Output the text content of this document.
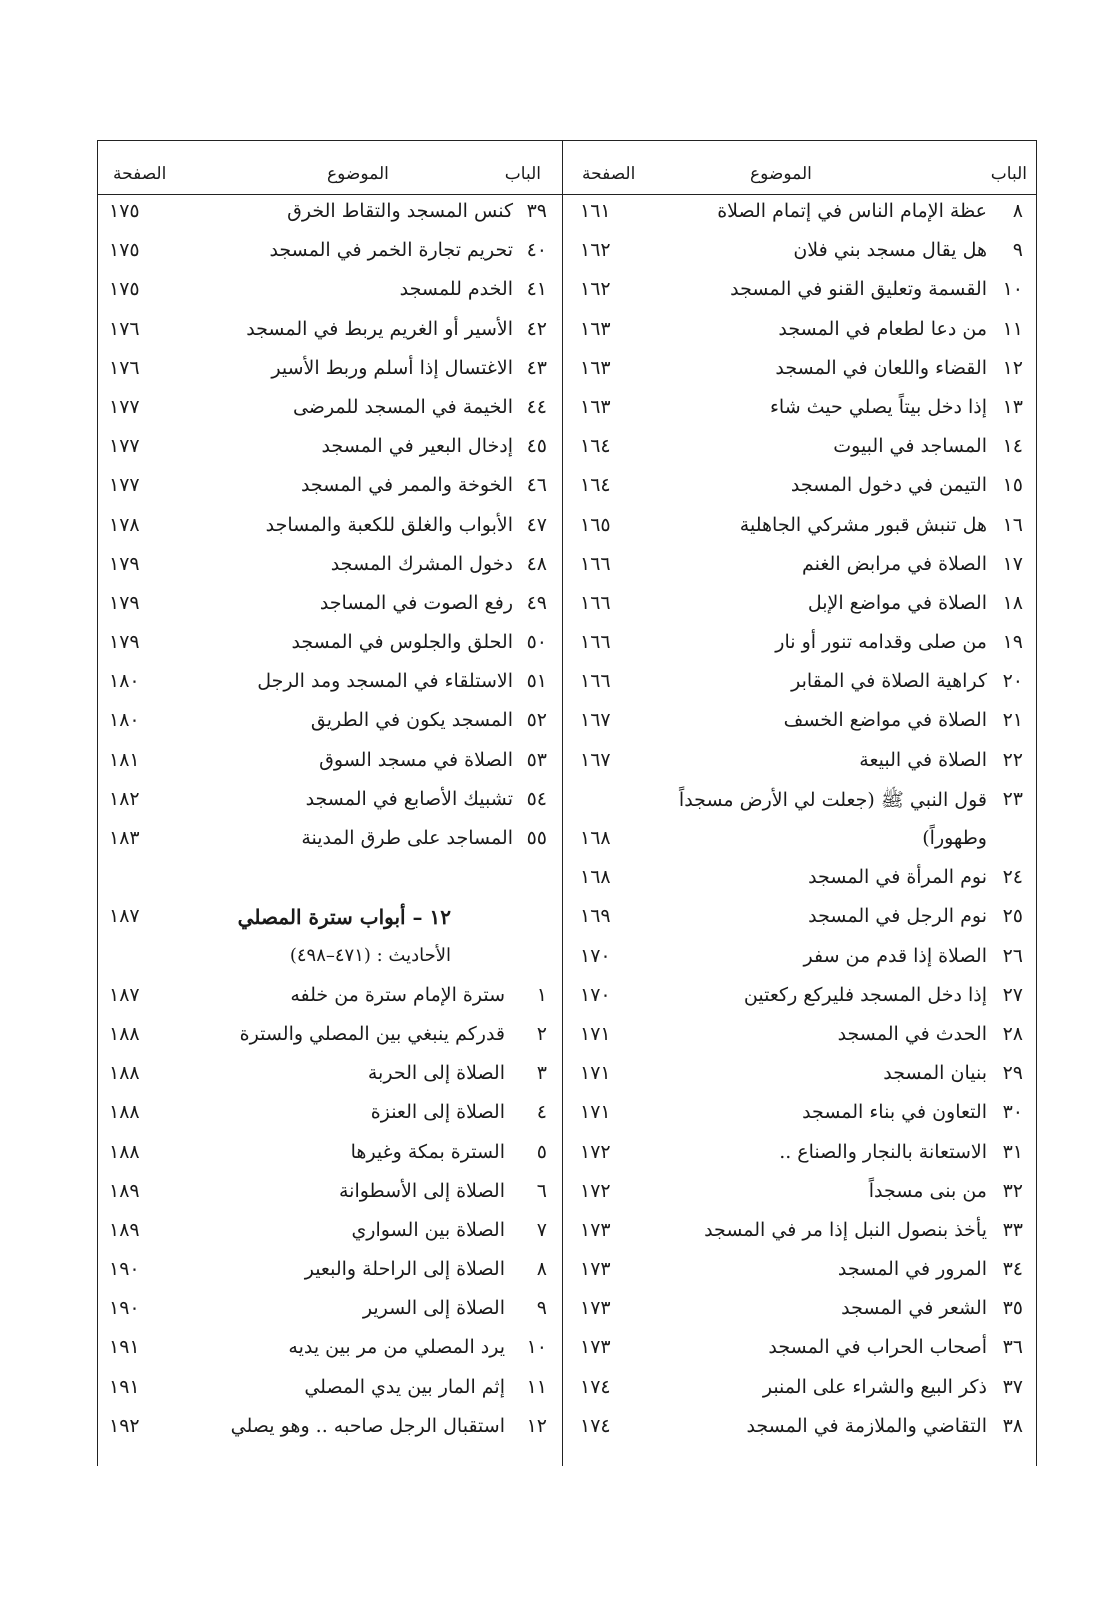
الباب
الموضوع
الصفحة
٨
عظة الإمام الناس في إتمام الصلاة
١٦١
٩
هل يقال مسجد بني فلان
١٦٢
١٠
القسمة وتعليق القنو في المسجد
١٦٢
١١
من دعا لطعام في المسجد
١٦٣
١٢
القضاء واللعان في المسجد
١٦٣
١٣
إذا دخل بيتاً يصلي حيث شاء
١٦٣
١٤
المساجد في البيوت
١٦٤
١٥
التيمن في دخول المسجد
١٦٤
١٦
هل تنبش قبور مشركي الجاهلية
١٦٥
١٧
الصلاة في مرابض الغنم
١٦٦
١٨
الصلاة في مواضع الإبل
١٦٦
١٩
من صلى وقدامه تنور أو نار
١٦٦
٢٠
كراهية الصلاة في المقابر
١٦٦
٢١
الصلاة في مواضع الخسف
١٦٧
٢٢
الصلاة في البيعة
١٦٧
٢٣
قول النبي ﷺ (جعلت لي الأرض مسجداً
وطهوراً)
١٦٨
٢٤
نوم المرأة في المسجد
١٦٨
٢٥
نوم الرجل في المسجد
١٦٩
٢٦
الصلاة إذا قدم من سفر
١٧٠
٢٧
إذا دخل المسجد فليركع ركعتين
١٧٠
٢٨
الحدث في المسجد
١٧١
٢٩
بنيان المسجد
١٧١
٣٠
التعاون في بناء المسجد
١٧١
٣١
الاستعانة بالنجار والصناع ..
١٧٢
٣٢
من بنى مسجداً
١٧٢
٣٣
يأخذ بنصول النبل إذا مر في المسجد
١٧٣
٣٤
المرور في المسجد
١٧٣
٣٥
الشعر في المسجد
١٧٣
٣٦
أصحاب الحراب في المسجد
١٧٣
٣٧
ذكر البيع والشراء على المنبر
١٧٤
٣٨
التقاضي والملازمة في المسجد
١٧٤
الباب
الموضوع
الصفحة
٣٩
كنس المسجد والتقاط الخرق
١٧٥
٤٠
تحريم تجارة الخمر في المسجد
١٧٥
٤١
الخدم للمسجد
١٧٥
٤٢
الأسير أو الغريم يربط في المسجد
١٧٦
٤٣
الاغتسال إذا أسلم وربط الأسير
١٧٦
٤٤
الخيمة في المسجد للمرضى
١٧٧
٤٥
إدخال البعير في المسجد
١٧٧
٤٦
الخوخة والممر في المسجد
١٧٧
٤٧
الأبواب والغلق للكعبة والمساجد
١٧٨
٤٨
دخول المشرك المسجد
١٧٩
٤٩
رفع الصوت في المساجد
١٧٩
٥٠
الحلق والجلوس في المسجد
١٧٩
٥١
الاستلقاء في المسجد ومد الرجل
١٨٠
٥٢
المسجد يكون في الطريق
١٨٠
٥٣
الصلاة في مسجد السوق
١٨١
٥٤
تشبيك الأصابع في المسجد
١٨٢
٥٥
المساجد على طرق المدينة
١٨٣
١٢ – أبواب سترة المصلي
١٨٧
الأحاديث : (٤٧١–٤٩٨)
١
سترة الإمام سترة من خلفه
١٨٧
٢
قدركم ينبغي بين المصلي والسترة
١٨٨
٣
الصلاة إلى الحربة
١٨٨
٤
الصلاة إلى العنزة
١٨٨
٥
السترة بمكة وغيرها
١٨٨
٦
الصلاة إلى الأسطوانة
١٨٩
٧
الصلاة بين السواري
١٨٩
٨
الصلاة إلى الراحلة والبعير
١٩٠
٩
الصلاة إلى السرير
١٩٠
١٠
يرد المصلي من مر بين يديه
١٩١
١١
إثم المار بين يدي المصلي
١٩١
١٢
استقبال الرجل صاحبه .. وهو يصلي
١٩٢
